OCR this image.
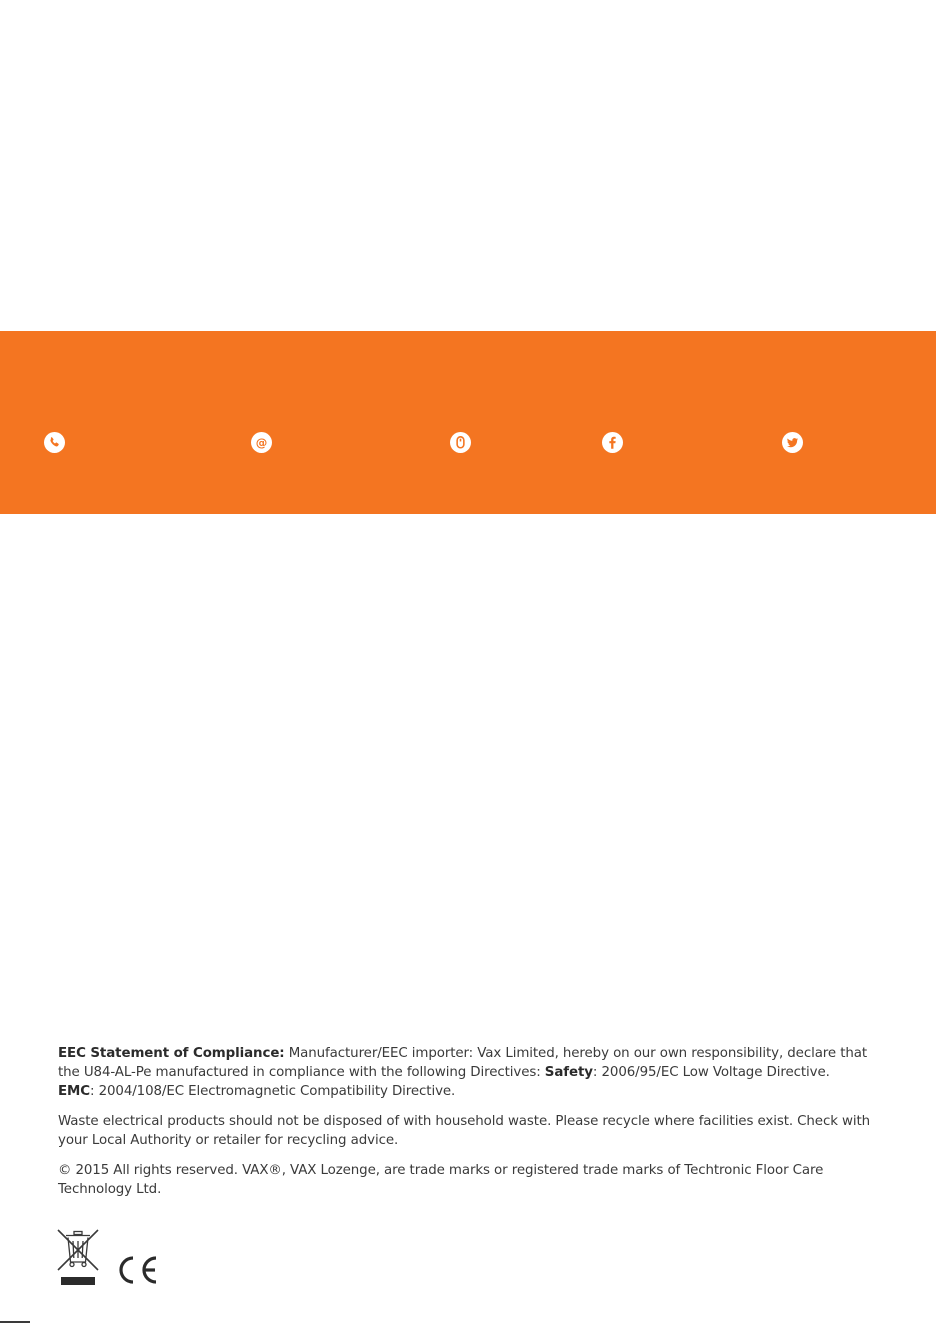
@

EEC Statement of Compliance: Manufacturer/EEC importer: Vax Limited, hereby on our own responsibility, declare that the U84-AL-Pe manufactured in compliance with the following Directives: Safety: 2006/95/EC Low Voltage Directive.
EMC: 2004/108/EC Electromagnetic Compatibility Directive.

Waste electrical products should not be disposed of with household waste. Please recycle where facilities exist. Check with your Local Authority or retailer for recycling advice.

© 2015 All rights reserved. VAX®, VAX Lozenge, are trade marks or registered trade marks of Techtronic Floor Care Technology Ltd.
